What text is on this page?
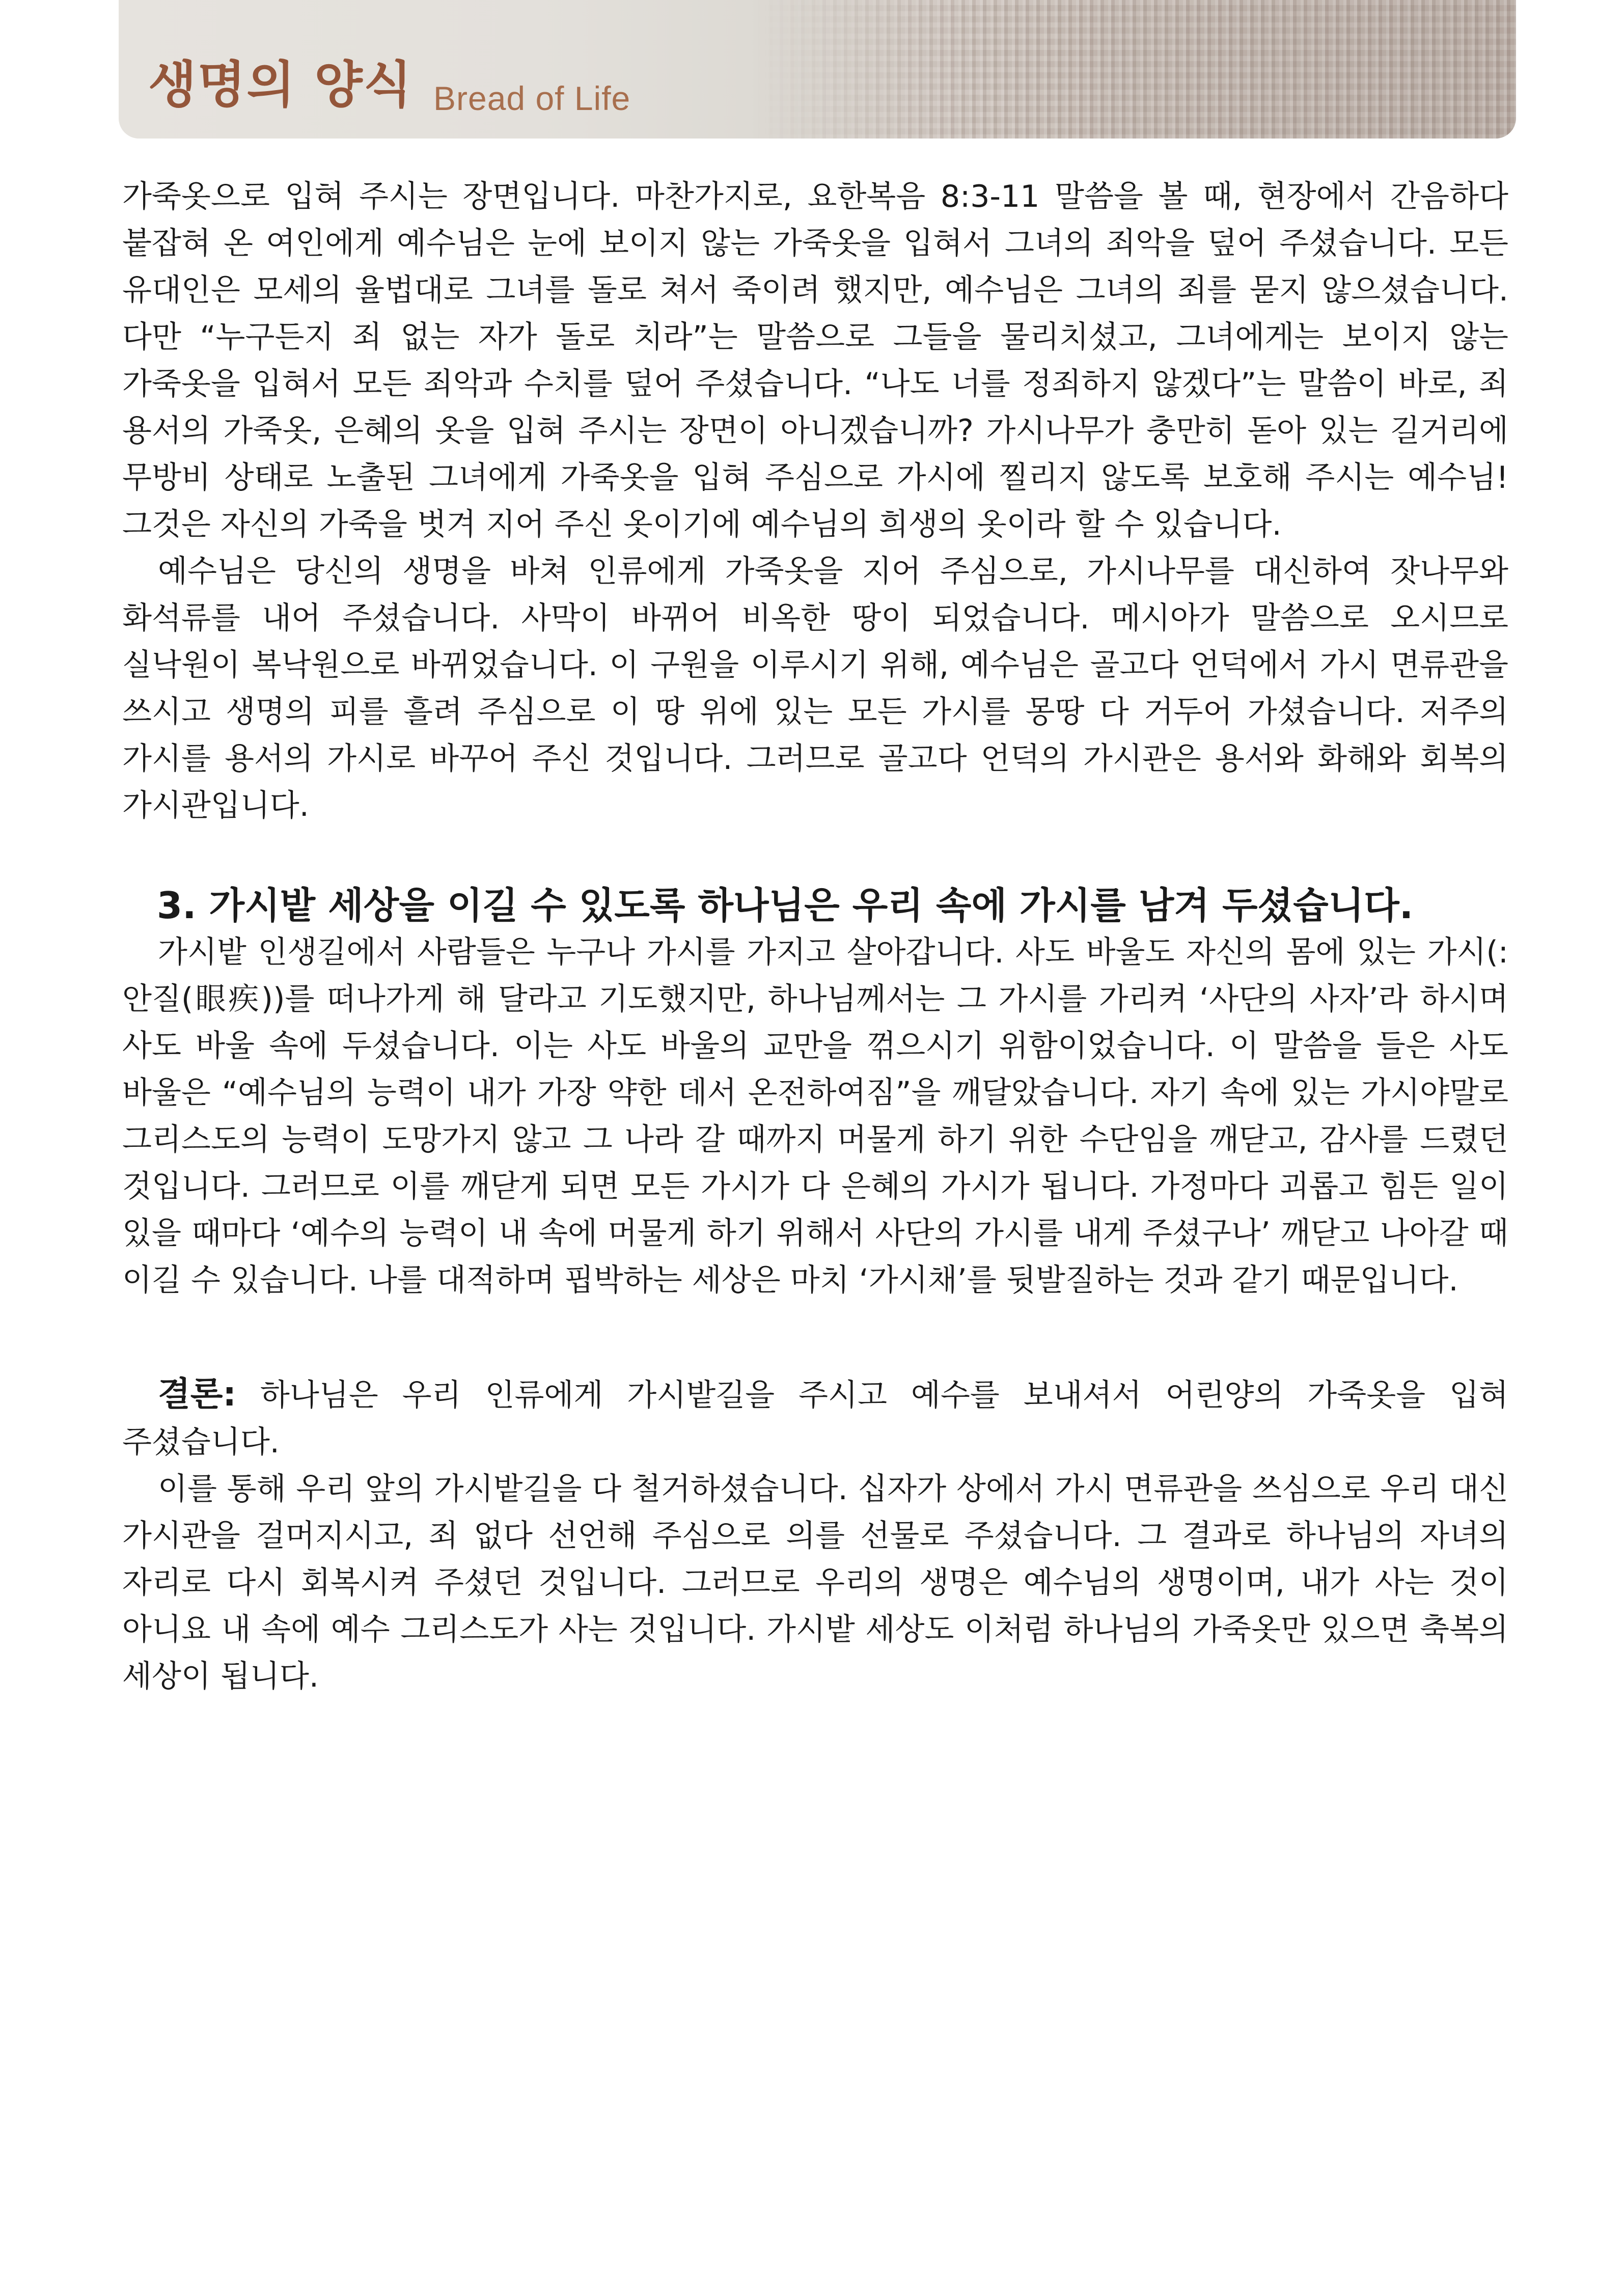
생명의 양식 Bread of Life

가죽옷으로 입혀 주시는 장면입니다. 마찬가지로, 요한복음 8:3-11 말씀을 볼 때, 현장에서 간음하다 붙잡혀 온 여인에게 예수님은 눈에 보이지 않는 가죽옷을 입혀서 그녀의 죄악을 덮어 주셨습니다. 모든 유대인은 모세의 율법대로 그녀를 돌로 쳐서 죽이려 했지만, 예수님은 그녀의 죄를 묻지 않으셨습니다. 다만 “누구든지 죄 없는 자가 돌로 치라”는 말씀으로 그들을 물리치셨고, 그녀에게는 보이지 않는 가죽옷을 입혀서 모든 죄악과 수치를 덮어 주셨습니다. “나도 너를 정죄하지 않겠다”는 말씀이 바로, 죄 용서의 가죽옷, 은혜의 옷을 입혀 주시는 장면이 아니겠습니까? 가시나무가 충만히 돋아 있는 길거리에 무방비 상태로 노출된 그녀에게 가죽옷을 입혀 주심으로 가시에 찔리지 않도록 보호해 주시는 예수님! 그것은 자신의 가죽을 벗겨 지어 주신 옷이기에 예수님의 희생의 옷이라 할 수 있습니다.

예수님은 당신의 생명을 바쳐 인류에게 가죽옷을 지어 주심으로, 가시나무를 대신하여 잣나무와 화석류를 내어 주셨습니다. 사막이 바뀌어 비옥한 땅이 되었습니다. 메시아가 말씀으로 오시므로 실낙원이 복낙원으로 바뀌었습니다. 이 구원을 이루시기 위해, 예수님은 골고다 언덕에서 가시 면류관을 쓰시고 생명의 피를 흘려 주심으로 이 땅 위에 있는 모든 가시를 몽땅 다 거두어 가셨습니다. 저주의 가시를 용서의 가시로 바꾸어 주신 것입니다. 그러므로 골고다 언덕의 가시관은 용서와 화해와 회복의 가시관입니다.

3. 가시밭 세상을 이길 수 있도록 하나님은 우리 속에 가시를 남겨 두셨습니다.

가시밭 인생길에서 사람들은 누구나 가시를 가지고 살아갑니다. 사도 바울도 자신의 몸에 있는 가시(: 안질(眼疾))를 떠나가게 해 달라고 기도했지만, 하나님께서는 그 가시를 가리켜 ‘사단의 사자’라 하시며 사도 바울 속에 두셨습니다. 이는 사도 바울의 교만을 꺾으시기 위함이었습니다. 이 말씀을 들은 사도 바울은 “예수님의 능력이 내가 가장 약한 데서 온전하여짐”을 깨달았습니다. 자기 속에 있는 가시야말로 그리스도의 능력이 도망가지 않고 그 나라 갈 때까지 머물게 하기 위한 수단임을 깨닫고, 감사를 드렸던 것입니다. 그러므로 이를 깨닫게 되면 모든 가시가 다 은혜의 가시가 됩니다. 가정마다 괴롭고 힘든 일이 있을 때마다 ‘예수의 능력이 내 속에 머물게 하기 위해서 사단의 가시를 내게 주셨구나’ 깨닫고 나아갈 때 이길 수 있습니다. 나를 대적하며 핍박하는 세상은 마치 ‘가시채’를 뒷발질하는 것과 같기 때문입니다.

결론: 하나님은 우리 인류에게 가시밭길을 주시고 예수를 보내셔서 어린양의 가죽옷을 입혀 주셨습니다.

이를 통해 우리 앞의 가시밭길을 다 철거하셨습니다. 십자가 상에서 가시 면류관을 쓰심으로 우리 대신 가시관을 걸머지시고, 죄 없다 선언해 주심으로 의를 선물로 주셨습니다. 그 결과로 하나님의 자녀의 자리로 다시 회복시켜 주셨던 것입니다. 그러므로 우리의 생명은 예수님의 생명이며, 내가 사는 것이 아니요 내 속에 예수 그리스도가 사는 것입니다. 가시밭 세상도 이처럼 하나님의 가죽옷만 있으면 축복의 세상이 됩니다.
